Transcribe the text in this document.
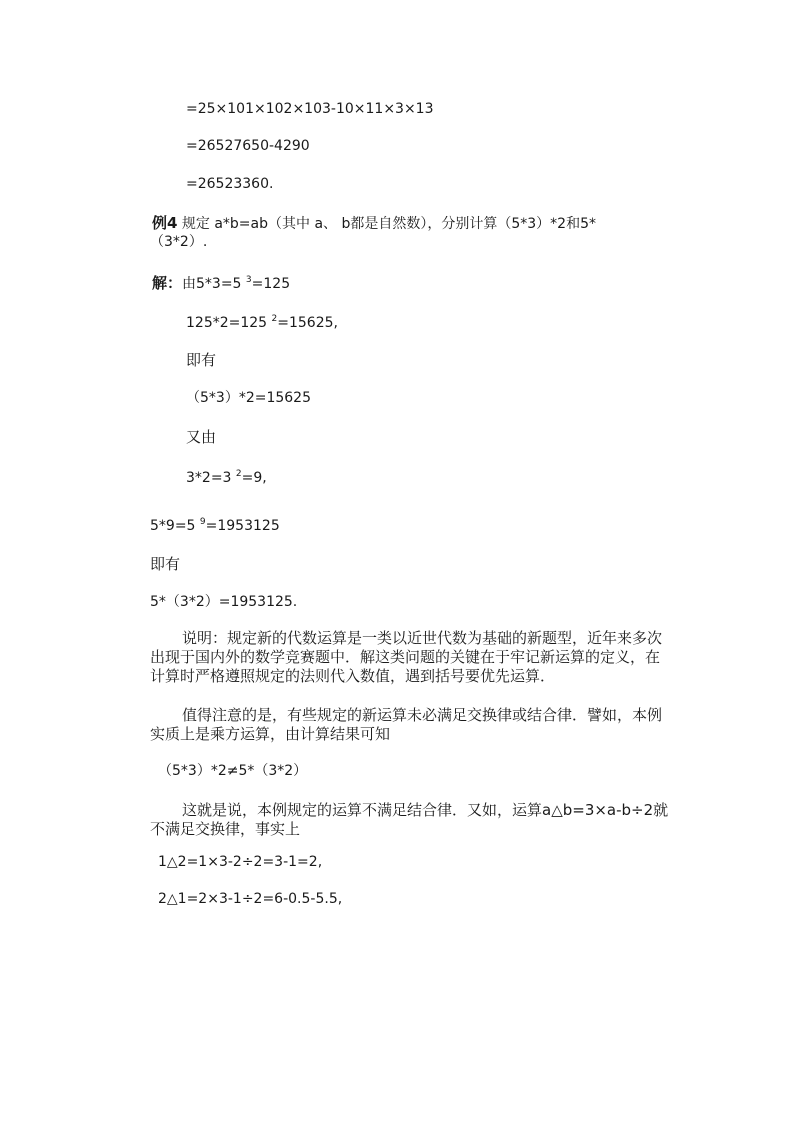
=25×101×102×103-10×11×3×13
=26527650-4290
=26523360.
例4 规定 a*b=ab（其中 a、 b都是自然数），分别计算（5*3）*2和5*
（3*2）.
解：由5*3=5 $^3$=125
125*2=125 $^2$=15625,
即有
（5*3）*2=15625
又由
3*2=3 $^2$=9,
5*9=5 $^9$=1953125
即有
5*（3*2）=1953125.
说明：规定新的代数运算是一类以近世代数为基础的新题型，近年来多次
出现于国内外的数学竞赛题中．解这类问题的关键在于牢记新运算的定义，在
计算时严格遵照规定的法则代入数值，遇到括号要优先运算．
值得注意的是，有些规定的新运算未必满足交换律或结合律．譬如，本例
实质上是乘方运算，由计算结果可知
（5*3）*2≠5*（3*2）
这就是说，本例规定的运算不满足结合律．又如，运算a△b=3×a-b÷2就
不满足交换律，事实上
1△2=1×3-2÷2=3-1=2,
2△1=2×3-1÷2=6-0.5-5.5,
